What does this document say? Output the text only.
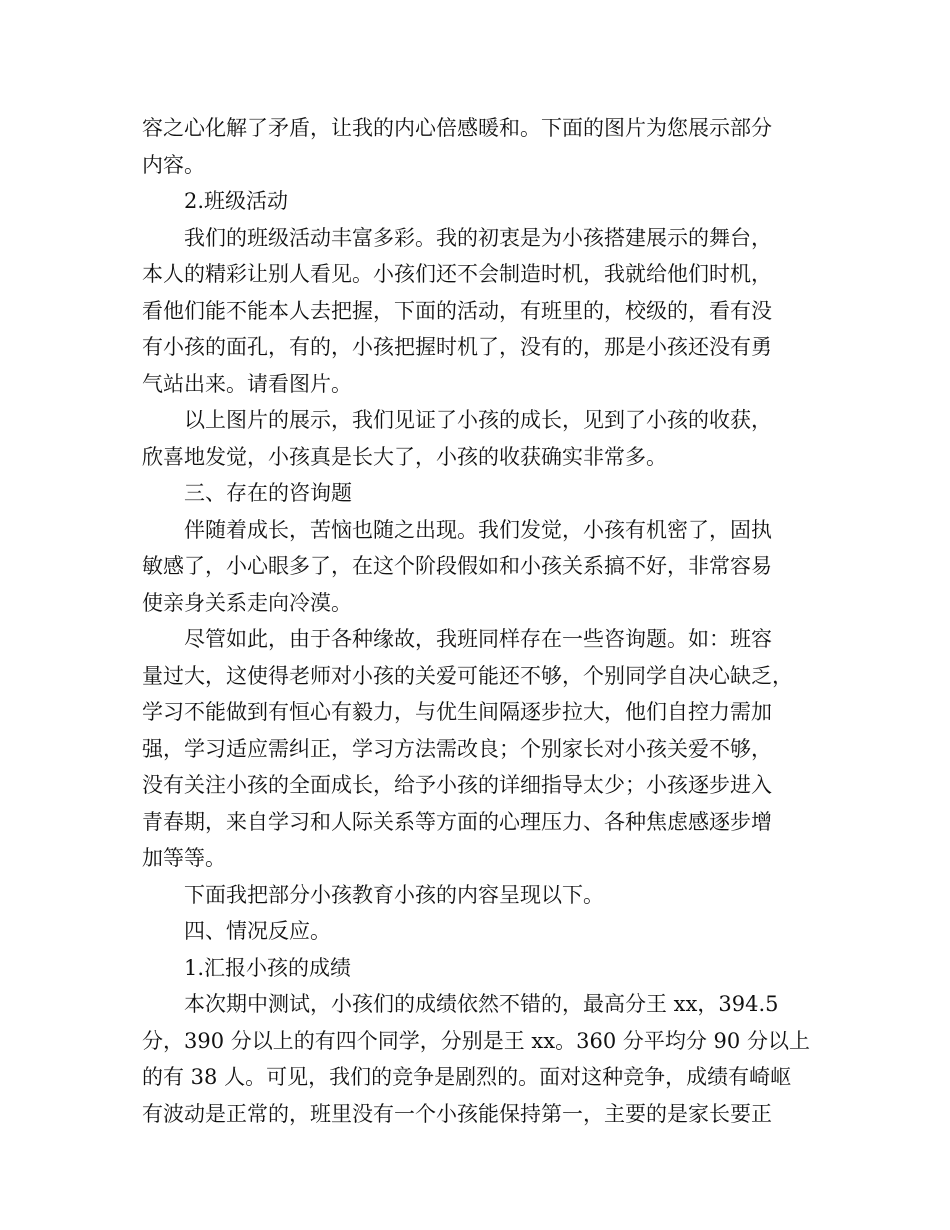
容之心化解了矛盾，让我的内心倍感暖和。下面的图片为您展示部分
内容。
2.班级活动
我们的班级活动丰富多彩。我的初衷是为小孩搭建展示的舞台，
本人的精彩让别人看见。小孩们还不会制造时机，我就给他们时机，
看他们能不能本人去把握，下面的活动，有班里的，校级的，看有没
有小孩的面孔，有的，小孩把握时机了，没有的，那是小孩还没有勇
气站出来。请看图片。
以上图片的展示，我们见证了小孩的成长，见到了小孩的收获，
欣喜地发觉，小孩真是长大了，小孩的收获确实非常多。
三、存在的咨询题
伴随着成长，苦恼也随之出现。我们发觉，小孩有机密了，固执
敏感了，小心眼多了，在这个阶段假如和小孩关系搞不好，非常容易
使亲身关系走向冷漠。
尽管如此，由于各种缘故，我班同样存在一些咨询题。如：班容
量过大，这使得老师对小孩的关爱可能还不够，个别同学自决心缺乏，
学习不能做到有恒心有毅力，与优生间隔逐步拉大，他们自控力需加
强，学习适应需纠正，学习方法需改良；个别家长对小孩关爱不够，
没有关注小孩的全面成长，给予小孩的详细指导太少；小孩逐步进入
青春期，来自学习和人际关系等方面的心理压力、各种焦虑感逐步增
加等等。
下面我把部分小孩教育小孩的内容呈现以下。
四、情况反应。
1.汇报小孩的成绩
本次期中测试，小孩们的成绩依然不错的，最高分王 xx，394.5
分，390 分以上的有四个同学，分别是王 xx。360 分平均分 90 分以上
的有 38 人。可见，我们的竞争是剧烈的。面对这种竞争，成绩有崎岖
有波动是正常的，班里没有一个小孩能保持第一，主要的是家长要正
